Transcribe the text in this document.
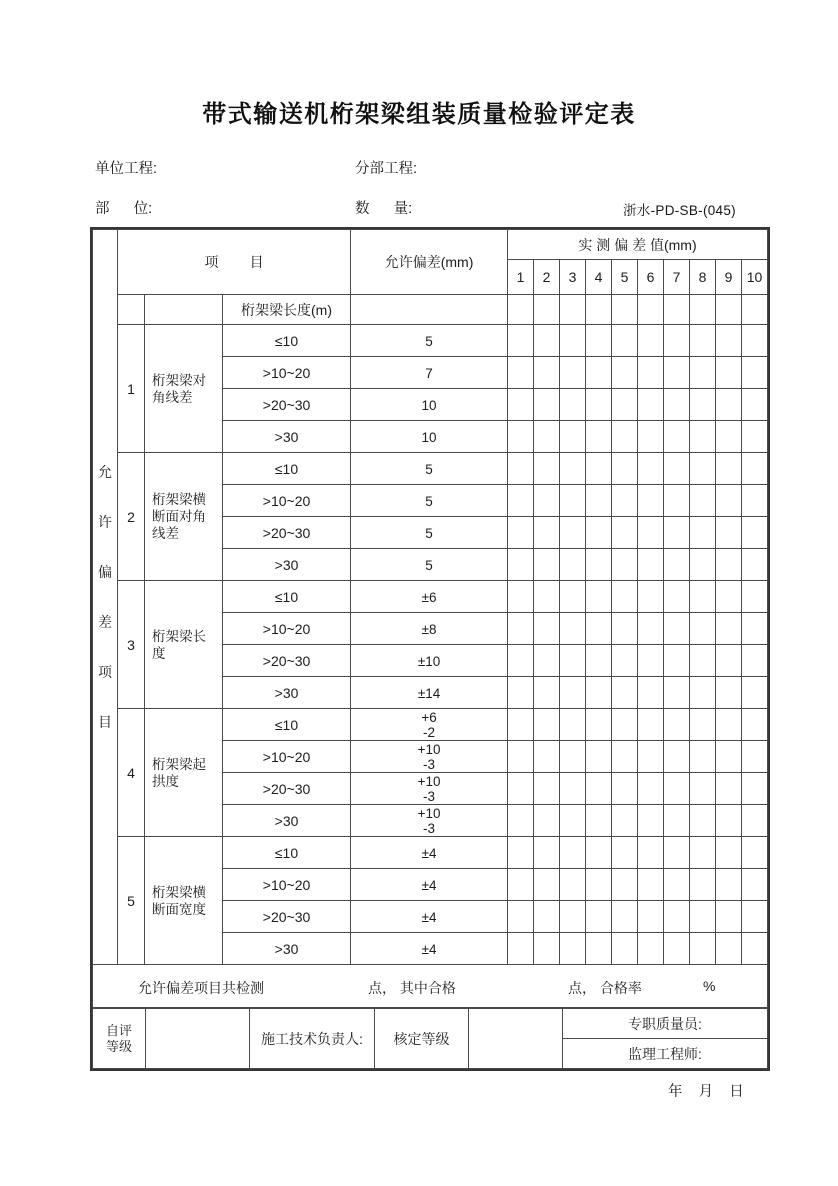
带式输送机桁架梁组装质量检验评定表
单位工程:	分部工程:
部      位:	数      量:	浙水-PD-SB-(045)
允
许
偏
差
项
目
	项        目	允许偏差(mm)	实 测 偏 差 值(mm)
					1	2	3	4	5	6	7	8	9	10
			桁架梁长度(m)											
	1	桁架梁对角线差	≤10	5										

			>10~20	7										

			>20~30	10										

			>30	10										

	2	桁架梁横断面对角线差	≤10	5										

			>10~20	5										

			>20~30	5										

			>30	5										

	3	桁架梁长度	≤10	±6										

			>10~20	±8										

			>20~30	±10										

			>30	±14										

	4	桁架梁起拱度	≤10	+6
-2										

			>10~20	+10
-3										

			>20~30	+10
-3										

			>30	+10
-3										

	5	桁架梁横断面宽度	≤10	±4										

			>10~20	±4										

			>20~30	±4										

			>30	±4										

允许偏差项目共检测 点， 其中合格 点， 合格率 %														
自评等级		施工技术负责人:	核定等级		专职质量员:
监理工程师:
年    月    日
